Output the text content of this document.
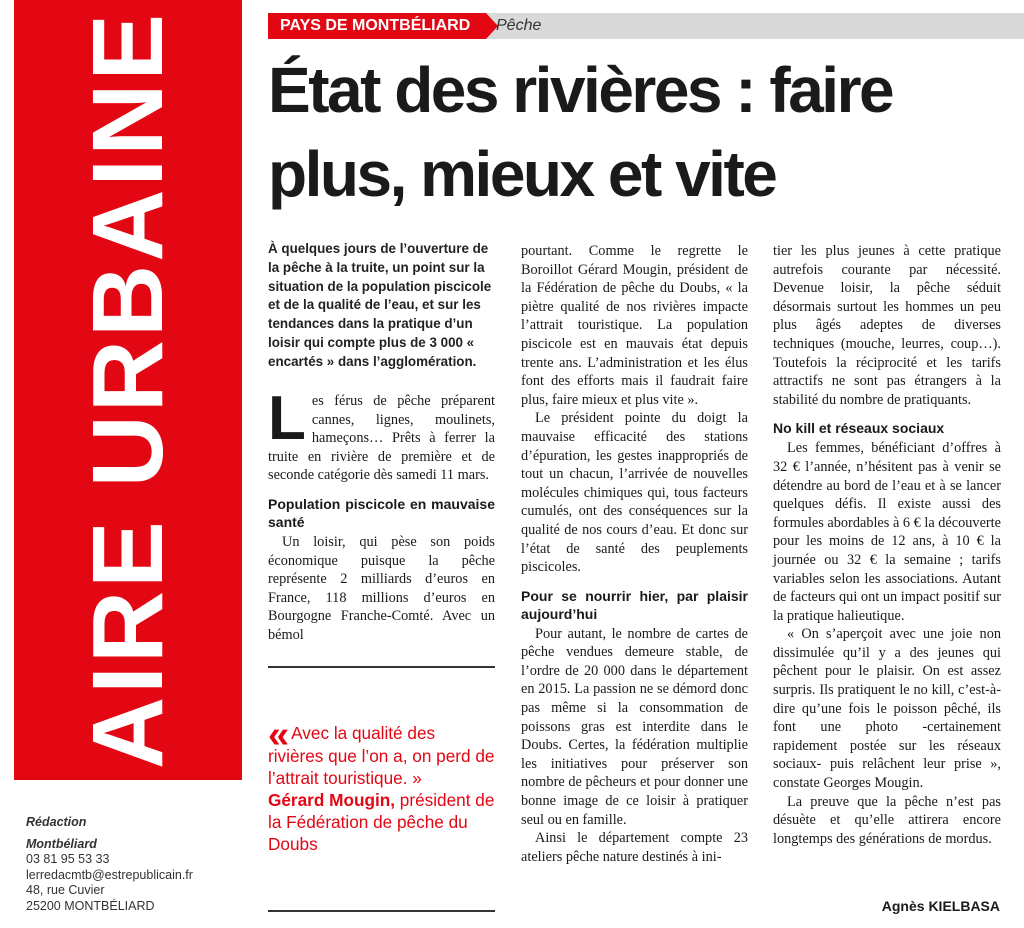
AIRE URBAINE
Rédaction
Montbéliard
03 81 95 53 33
lerredacmtb@estrepublicain.fr
48, rue Cuvier
25200 MONTBÉLIARD
PAYS DE MONTBÉLIARD	Pêche
État des rivières : faire plus, mieux et vite
À quelques jours de l’ouverture de la pêche à la truite, un point sur la situation de la population piscicole et de la qualité de l’eau, et sur les tendances dans la pratique d’un loisir qui compte plus de 3 000 « encartés » dans l’agglomération.

Les férus de pêche préparent cannes, lignes, moulinets, hameçons… Prêts à ferrer la truite en rivière de première et de seconde catégorie dès samedi 11 mars.

Population piscicole en mauvaise santé

Un loisir, qui pèse son poids économique puisque la pêche représente 2 milliards d’euros en France, 118 millions d’euros en Bourgogne Franche-Comté. Avec un bémol

« Avec la qualité des rivières que l’on a, on perd de l’attrait touristique. »
Gérard Mougin, président de la Fédération de pêche du Doubs

pourtant. Comme le regrette le Boroillot Gérard Mougin, président de la Fédération de pêche du Doubs, « la piètre qualité de nos rivières impacte l’attrait touristique. La population piscicole est en mauvais état depuis trente ans. L’administration et les élus font des efforts mais il faudrait faire plus, faire mieux et plus vite ».

Le président pointe du doigt la mauvaise efficacité des stations d’épuration, les gestes inappropriés de tout un chacun, l’arrivée de nouvelles molécules chimiques qui, tous facteurs cumulés, ont des conséquences sur la qualité de nos cours d’eau. Et donc sur l’état de santé des peuplements piscicoles.

Pour se nourrir hier, par plaisir aujourd’hui

Pour autant, le nombre de cartes de pêche vendues demeure stable, de l’ordre de 20 000 dans le département en 2015. La passion ne se démord donc pas même si la consommation de poissons gras est interdite dans le Doubs. Certes, la fédération multiplie les initiatives pour préserver son nombre de pêcheurs et pour donner une bonne image de ce loisir à pratiquer seul ou en famille.

Ainsi le département compte 23 ateliers pêche nature destinés à ini-

tier les plus jeunes à cette pratique autrefois courante par nécessité. Devenue loisir, la pêche séduit désormais surtout les hommes un peu plus âgés adeptes de diverses techniques (mouche, leurres, coup…). Toutefois la réciprocité et les tarifs attractifs ne sont pas étrangers à la stabilité du nombre de pratiquants.

No kill et réseaux sociaux

Les femmes, bénéficiant d’offres à 32 € l’année, n’hésitent pas à venir se détendre au bord de l’eau et à se lancer quelques défis. Il existe aussi des formules abordables à 6 € la découverte pour les moins de 12 ans, à 10 € la journée ou 32 € la semaine ; tarifs variables selon les associations. Autant de facteurs qui ont un impact positif sur la pratique halieutique.

« On s’aperçoit avec une joie non dissimulée qu’il y a des jeunes qui pêchent pour le plaisir. On est assez surpris. Ils pratiquent le no kill, c’est-à-dire qu’une fois le poisson pêché, ils font une photo -certainement rapidement postée sur les réseaux sociaux- puis relâchent leur prise », constate Georges Mougin.

La preuve que la pêche n’est pas désuète et qu’elle attirera encore longtemps des générations de mordus.

Agnès KIELBASA
